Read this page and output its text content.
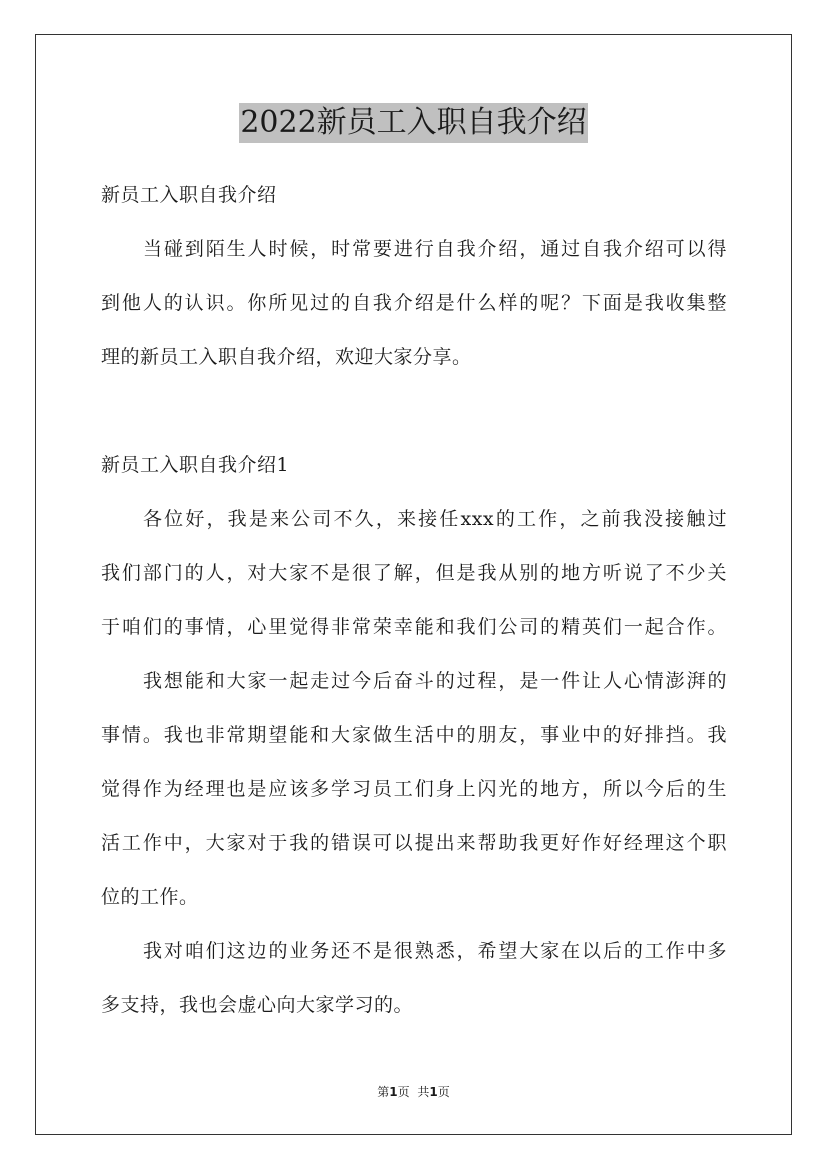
2022新员工入职自我介绍
新员工入职自我介绍
当碰到陌生人时候，时常要进行自我介绍，通过自我介绍可以得
到他人的认识。你所见过的自我介绍是什么样的呢？下面是我收集整
理的新员工入职自我介绍，欢迎大家分享。
新员工入职自我介绍1
各位好，我是来公司不久，来接任xxx的工作，之前我没接触过
我们部门的人，对大家不是很了解，但是我从别的地方听说了不少关
于咱们的事情，心里觉得非常荣幸能和我们公司的精英们一起合作。
我想能和大家一起走过今后奋斗的过程，是一件让人心情澎湃的
事情。我也非常期望能和大家做生活中的朋友，事业中的好排挡。我
觉得作为经理也是应该多学习员工们身上闪光的地方，所以今后的生
活工作中，大家对于我的错误可以提出来帮助我更好作好经理这个职
位的工作。
我对咱们这边的业务还不是很熟悉，希望大家在以后的工作中多
多支持，我也会虚心向大家学习的。
第1页 共1页
